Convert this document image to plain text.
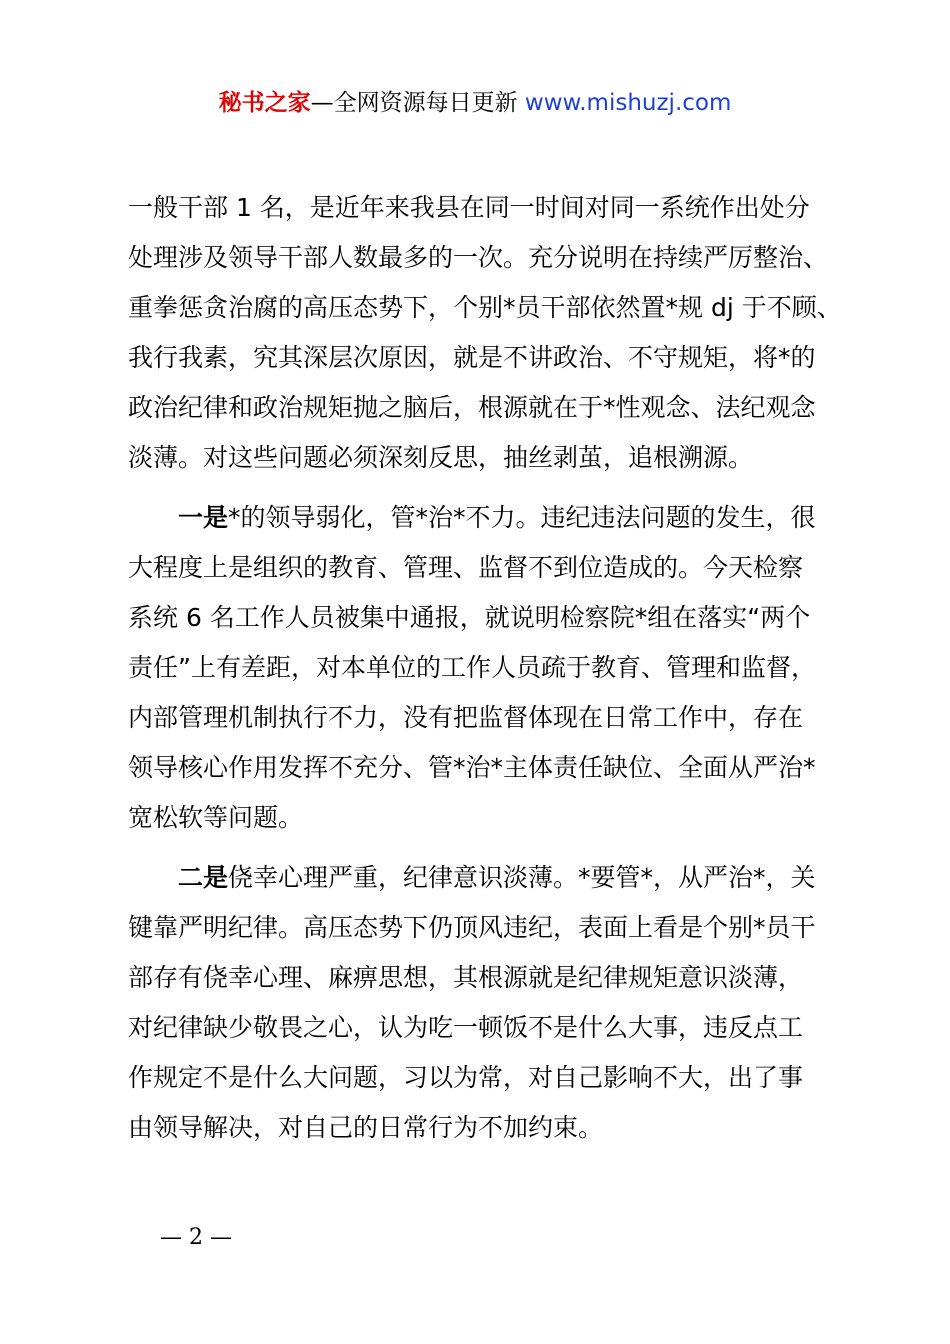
秘书之家—全网资源每日更新 www.mishuzj.com
一般干部 1 名，是近年来我县在同一时间对同一系统作出处分
处理涉及领导干部人数最多的一次。充分说明在持续严厉整治、
重拳惩贪治腐的高压态势下，个别*员干部依然置*规 dj 于不顾、
我行我素，究其深层次原因，就是不讲政治、不守规矩，将*的
政治纪律和政治规矩抛之脑后，根源就在于*性观念、法纪观念
淡薄。对这些问题必须深刻反思，抽丝剥茧，追根溯源。
一是*的领导弱化，管*治*不力。违纪违法问题的发生，很
大程度上是组织的教育、管理、监督不到位造成的。今天检察
系统 6 名工作人员被集中通报，就说明检察院*组在落实“两个
责任”上有差距，对本单位的工作人员疏于教育、管理和监督，
内部管理机制执行不力，没有把监督体现在日常工作中，存在
领导核心作用发挥不充分、管*治*主体责任缺位、全面从严治*
宽松软等问题。
二是侥幸心理严重，纪律意识淡薄。*要管*，从严治*，关
键靠严明纪律。高压态势下仍顶风违纪，表面上看是个别*员干
部存有侥幸心理、麻痹思想，其根源就是纪律规矩意识淡薄，
对纪律缺少敬畏之心，认为吃一顿饭不是什么大事，违反点工
作规定不是什么大问题，习以为常，对自己影响不大，出了事
由领导解决，对自己的日常行为不加约束。
— 2 —
